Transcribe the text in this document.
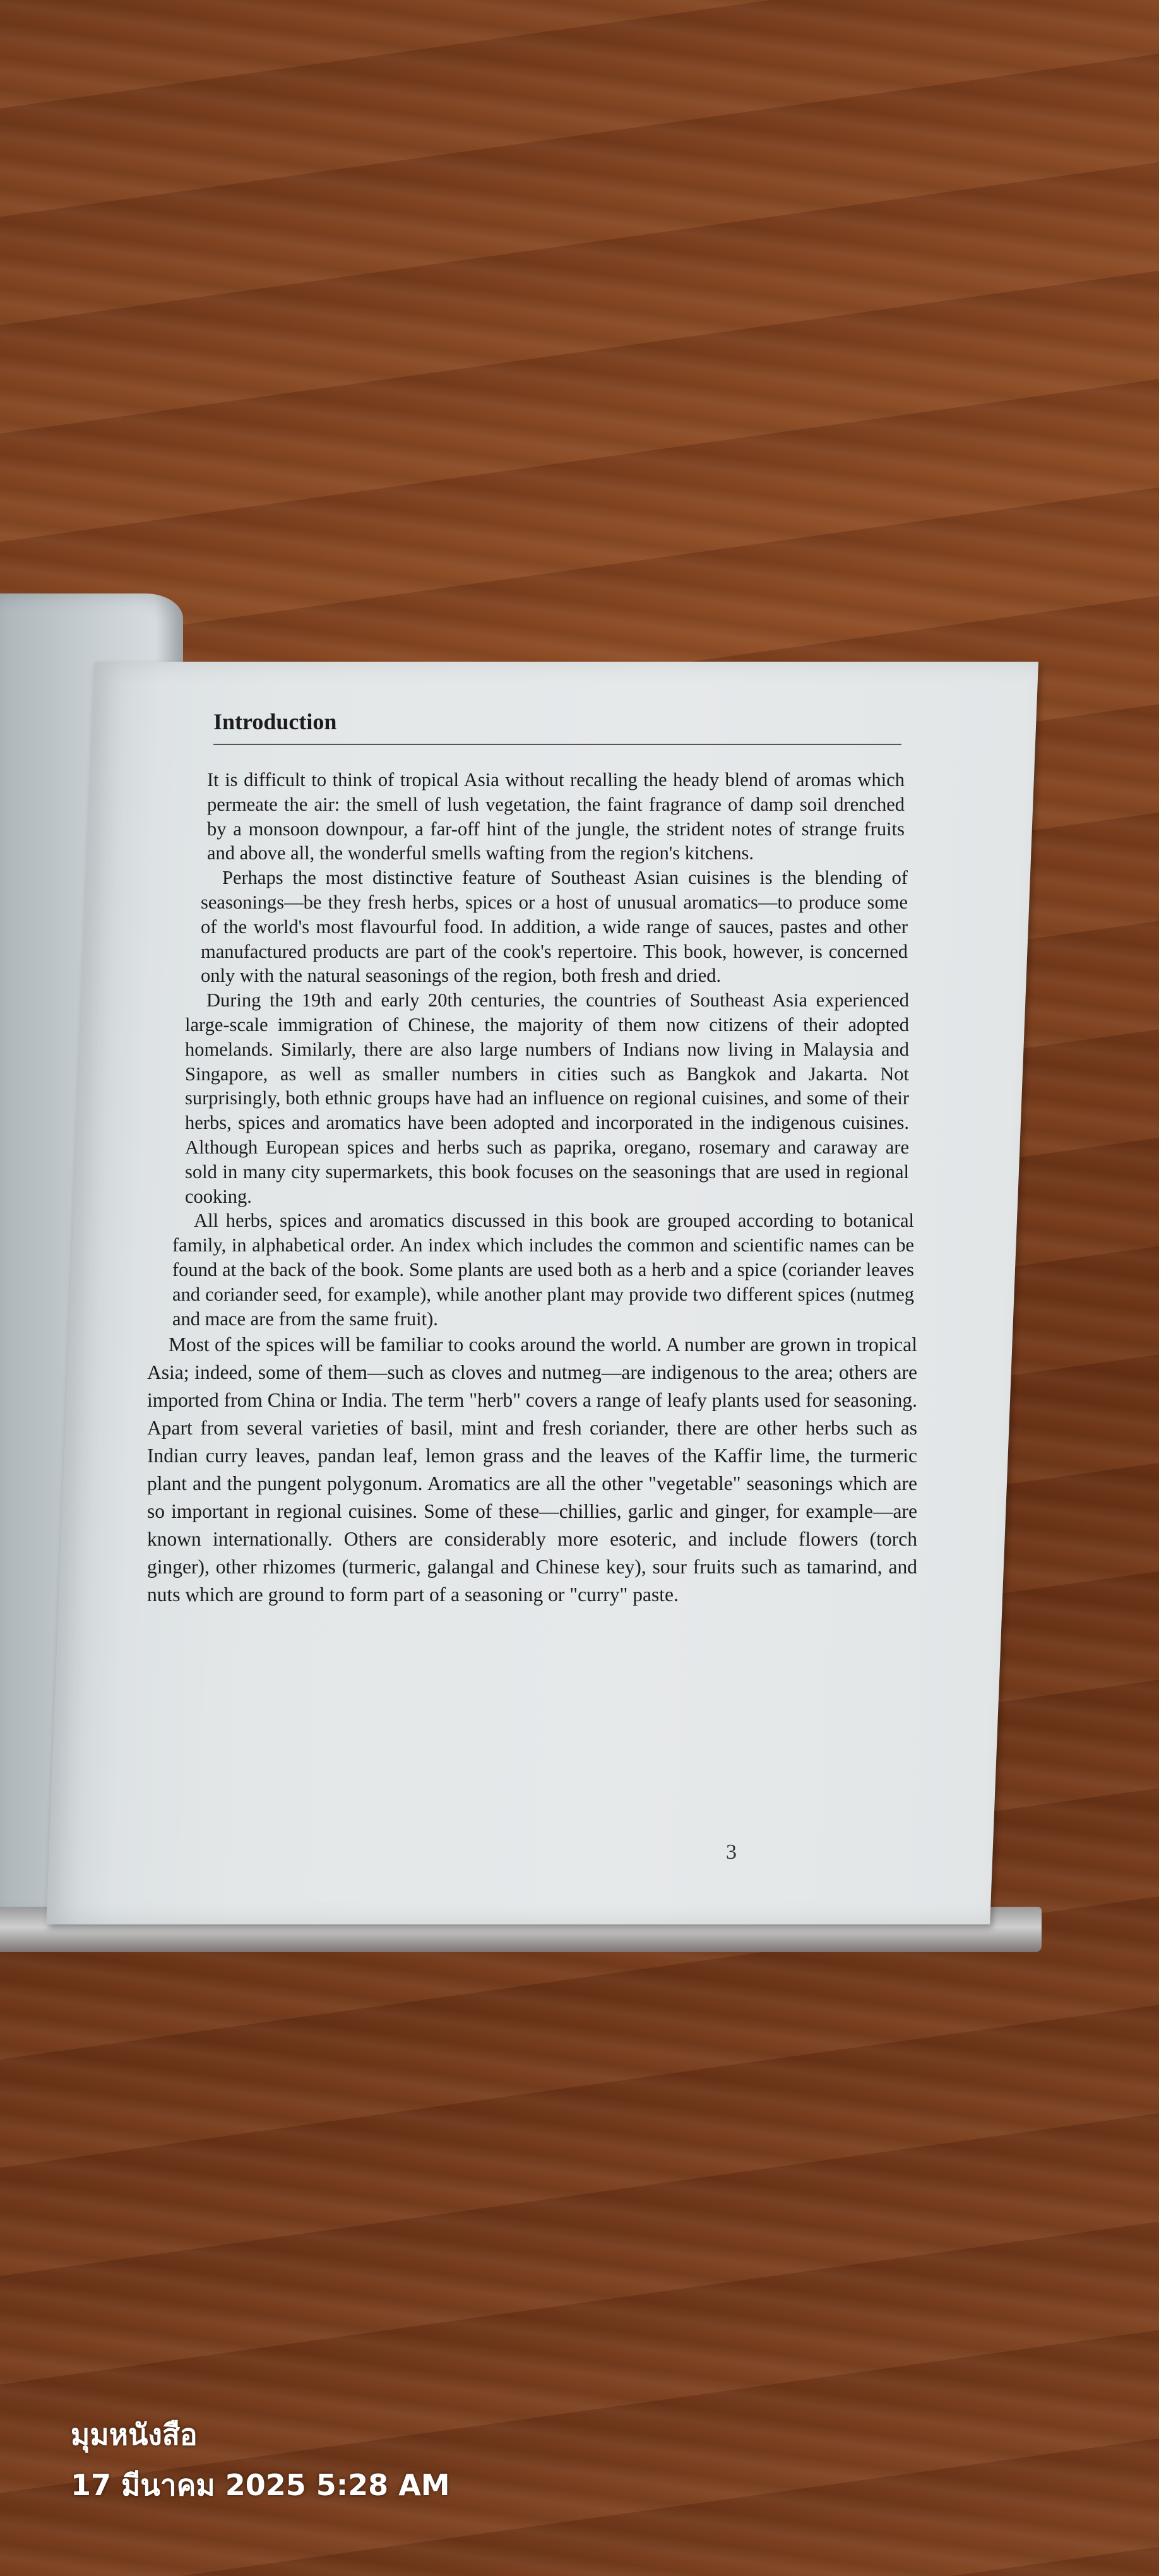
Introduction

It is difficult to think of tropical Asia without recalling the heady blend of aromas which permeate the air: the smell of lush vegetation, the faint fragrance of damp soil drenched by a monsoon downpour, a far-off hint of the jungle, the strident notes of strange fruits and above all, the wonderful smells wafting from the region's kitchens.

Perhaps the most distinctive feature of Southeast Asian cuisines is the blending of seasonings—be they fresh herbs, spices or a host of unusual aromatics—to produce some of the world's most flavourful food. In addition, a wide range of sauces, pastes and other manufactured products are part of the cook's repertoire. This book, however, is concerned only with the natural seasonings of the region, both fresh and dried.

During the 19th and early 20th centuries, the countries of Southeast Asia experienced large-scale immigration of Chinese, the majority of them now citizens of their adopted homelands. Similarly, there are also large numbers of Indians now living in Malaysia and Singapore, as well as smaller numbers in cities such as Bangkok and Jakarta. Not surprisingly, both ethnic groups have had an influence on regional cuisines, and some of their herbs, spices and aromatics have been adopted and incorporated in the indigenous cuisines. Although European spices and herbs such as paprika, oregano, rosemary and caraway are sold in many city supermarkets, this book focuses on the seasonings that are used in regional cooking.

All herbs, spices and aromatics discussed in this book are grouped according to botanical family, in alphabetical order. An index which includes the common and scientific names can be found at the back of the book. Some plants are used both as a herb and a spice (coriander leaves and coriander seed, for example), while another plant may provide two different spices (nutmeg and mace are from the same fruit).

Most of the spices will be familiar to cooks around the world. A number are grown in tropical Asia; indeed, some of them—such as cloves and nutmeg—are indigenous to the area; others are imported from China or India. The term "herb" covers a range of leafy plants used for seasoning. Apart from several varieties of basil, mint and fresh coriander, there are other herbs such as Indian curry leaves, pandan leaf, lemon grass and the leaves of the Kaffir lime, the turmeric plant and the pungent polygonum. Aromatics are all the other "vegetable" seasonings which are so important in regional cuisines. Some of these—chillies, garlic and ginger, for example—are known internationally. Others are considerably more esoteric, and include flowers (torch ginger), other rhizomes (turmeric, galangal and Chinese key), sour fruits such as tamarind, and nuts which are ground to form part of a seasoning or "curry" paste.

3
มุมหนังสือ
17 มีนาคม 2025 5:28 AM
